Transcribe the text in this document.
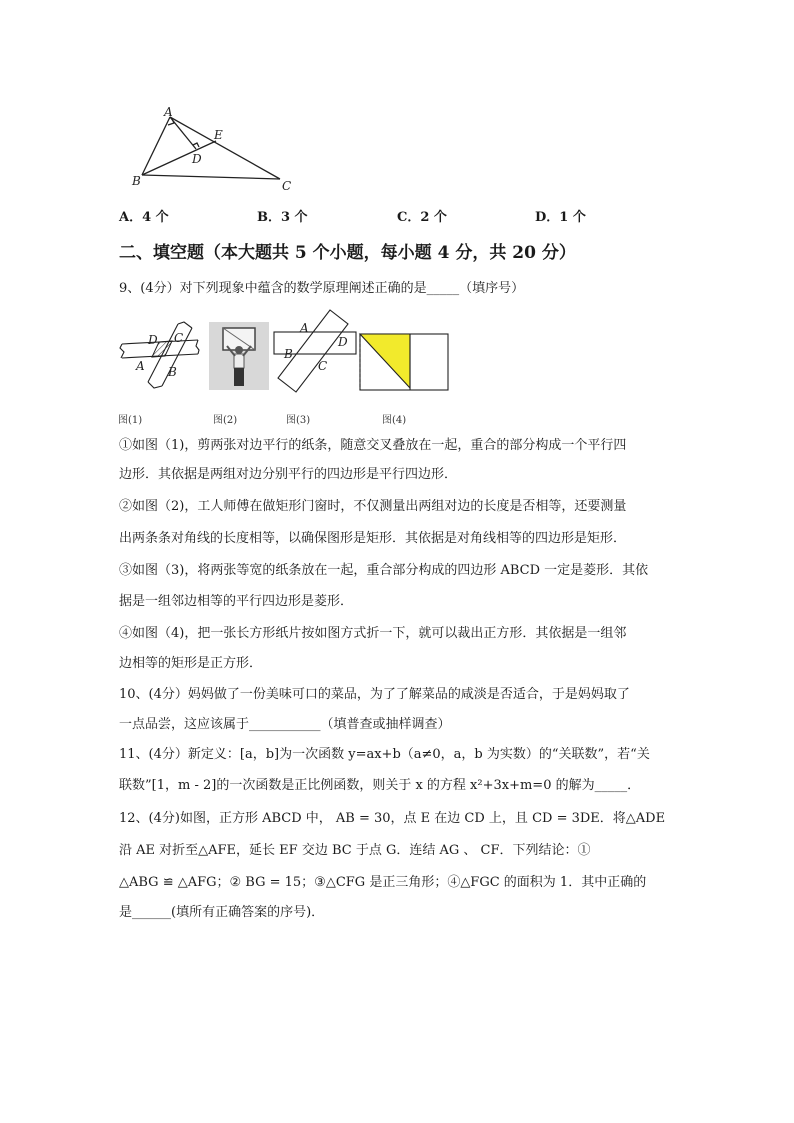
A
B	C
D
E
A．4 个	B．3 个	C．2 个	D．1 个
二、填空题（本大题共 5 个小题，每小题 4 分，共 20 分）
9、(4分）对下列现象中蕴含的数学原理阐述正确的是_____（填序号）
D C
A B
A
B
C
D
图(1)	图(2)	图(3)	图(4)
①如图（1)，剪两张对边平行的纸条，随意交叉叠放在一起，重合的部分构成一个平行四
边形．其依据是两组对边分别平行的四边形是平行四边形．
②如图（2)，工人师傅在做矩形门窗时，不仅测量出两组对边的长度是否相等，还要测量
出两条条对角线的长度相等，以确保图形是矩形．其依据是对角线相等的四边形是矩形．
③如图（3)，将两张等宽的纸条放在一起，重合部分构成的四边形 ABCD 一定是菱形．其依
据是一组邻边相等的平行四边形是菱形．
④如图（4)，把一张长方形纸片按如图方式折一下，就可以裁出正方形．其依据是一组邻
边相等的矩形是正方形．
10、(4分）妈妈做了一份美味可口的菜品，为了了解菜品的咸淡是否适合，于是妈妈取了
一点品尝，这应该属于___________（填普查或抽样调查）
11、(4分）新定义：[a，b]为一次函数 y=ax+b（a≠0，a，b 为实数）的“关联数”，若“关
联数”[1，m - 2]的一次函数是正比例函数，则关于 x 的方程 x²+3x+m=0 的解为_____．
12、(4分)如图，正方形 ABCD 中， AB = 30，点 E 在边 CD 上，且 CD = 3DE．将△ADE
沿 AE 对折至△AFE，延长 EF 交边 BC 于点 G．连结 AG 、 CF．下列结论：①
△ABG ≌ △AFG；② BG = 15；③△CFG 是正三角形；④△FGC 的面积为 1．其中正确的
是______(填所有正确答案的序号)．
